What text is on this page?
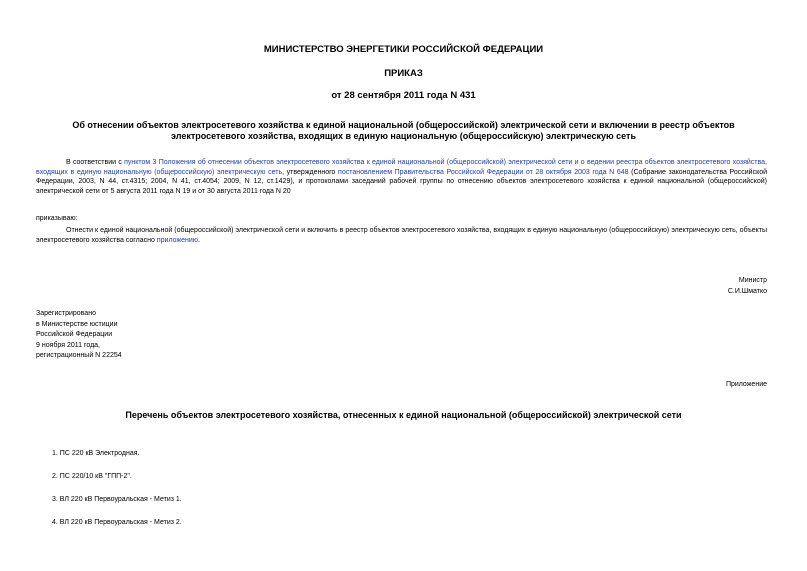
МИНИСТЕРСТВО ЭНЕРГЕТИКИ РОССИЙСКОЙ ФЕДЕРАЦИИ
ПРИКАЗ
от 28 сентября 2011 года N 431
Об отнесении объектов электросетевого хозяйства к единой национальной (общероссийской) электрической сети и включении в реестр объектов электросетевого хозяйства, входящих в единую национальную (общероссийскую) электрическую сеть
В соответствии с пунктом 3 Положения об отнесении объектов электросетевого хозяйства к единой национальной (общероссийской) электрической сети и о ведении реестра объектов электросетевого хозяйства, входящих в единую национальную (общероссийскую) электрическую сеть, утвержденного постановлением Правительства Российской Федерации от 28 октября 2003 года N 648 (Собрание законодательства Российской Федерации, 2003, N 44, ст.4315; 2004, N 41, ст.4054; 2009, N 12, ст.1429), и протоколами заседаний рабочей группы по отнесению объектов электросетевого хозяйства к единой национальной (общероссийской) электрической сети от 5 августа 2011 года N 19 и от 30 августа 2011 года N 20
приказываю:
Отнести к единой национальной (общероссийской) электрической сети и включить в реестр объектов электросетевого хозяйства, входящих в единую национальную (общероссийскую) электрическую сеть, объекты электросетевого хозяйства согласно приложению.
Министр
С.И.Шматко
Зарегистрировано
в Министерстве юстиции
Российской Федерации
9 ноября 2011 года,
регистрационный N 22254
Приложение
Перечень объектов электросетевого хозяйства, отнесенных к единой национальной (общероссийской) электрической сети
1. ПС 220 кВ Электродная.
2. ПС 220/10 кВ "ГПП-2".
3. ВЛ 220 кВ Первоуральская - Метиз 1.
4. ВЛ 220 кВ Первоуральская - Метиз 2.
